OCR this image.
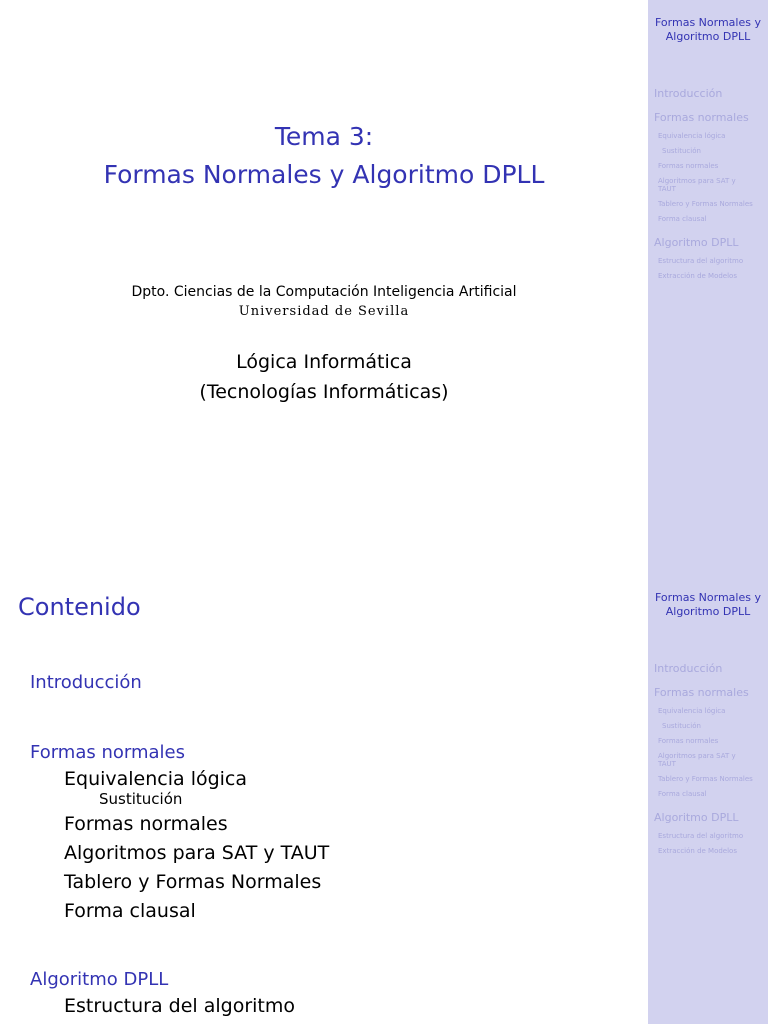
Tema 3:
Formas Normales y Algoritmo DPLL
Dpto. Ciencias de la Computación Inteligencia Artificial
Universidad de Sevilla
Lógica Informática
(Tecnologías Informáticas)
Formas Normales y
Algoritmo DPLL
Introducción
Formas normales
Equivalencia lógica
Sustitución
Formas normales
Algoritmos para SAT y
TAUT
Tablero y Formas Normales
Forma clausal
Algoritmo DPLL
Estructura del algoritmo
Extracción de Modelos
Contenido
Introducción
Formas normales
Equivalencia lógica
Sustitución
Formas normales
Algoritmos para SAT y TAUT
Tablero y Formas Normales
Forma clausal
Algoritmo DPLL
Estructura del algoritmo
Formas Normales y
Algoritmo DPLL
Introducción
Formas normales
Equivalencia lógica
Sustitución
Formas normales
Algoritmos para SAT y
TAUT
Tablero y Formas Normales
Forma clausal
Algoritmo DPLL
Estructura del algoritmo
Extracción de Modelos
